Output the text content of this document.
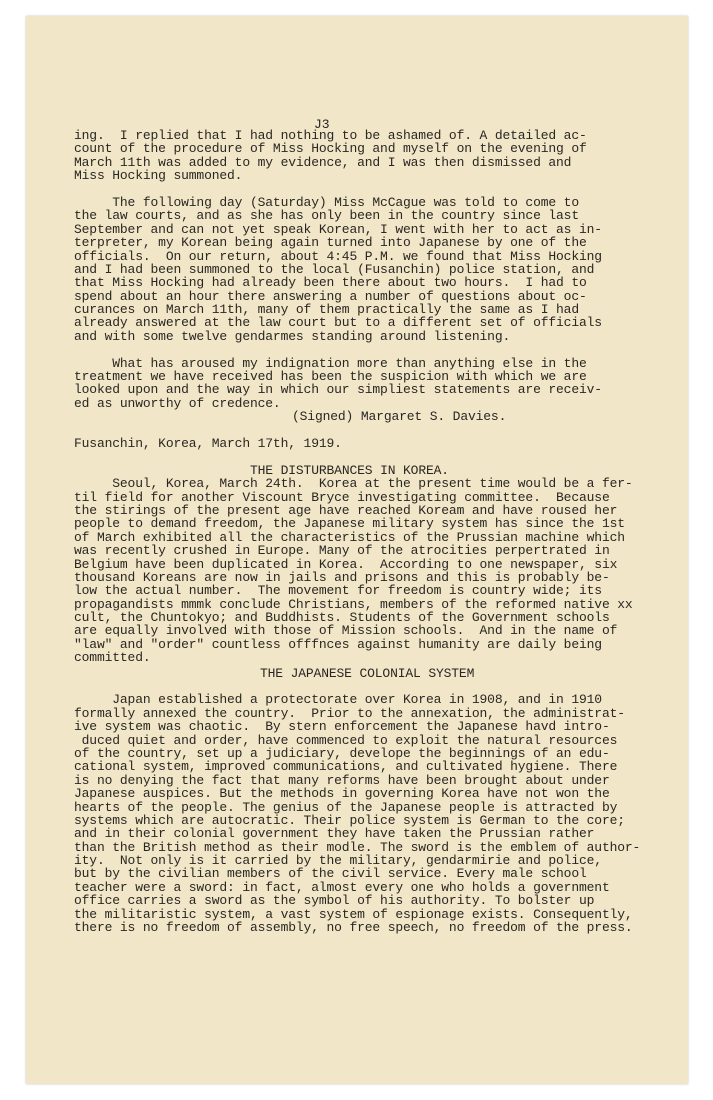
J3
ing.  I replied that I had nothing to be ashamed of. A detailed ac-
count of the procedure of Miss Hocking and myself on the evening of
March 11th was added to my evidence, and I was then dismissed and
Miss Hocking summoned.
The following day (Saturday) Miss McCague was told to come to
the law courts, and as she has only been in the country since last
September and can not yet speak Korean, I went with her to act as in-
terpreter, my Korean being again turned into Japanese by one of the
officials.  On our return, about 4:45 P.M. we found that Miss Hocking
and I had been summoned to the local (Fusanchin) police station, and
that Miss Hocking had already been there about two hours.  I had to
spend about an hour there answering a number of questions about oc-
curances on March 11th, many of them practically the same as I had
already answered at the law court but to a different set of officials
and with some twelve gendarmes standing around listening.
What has aroused my indignation more than anything else in the
treatment we have received has been the suspicion with which we are
looked upon and the way in which our simpliest statements are receiv-
ed as unworthy of credence.
(Signed) Margaret S. Davies.
Fusanchin, Korea, March 17th, 1919.
THE DISTURBANCES IN KOREA.
Seoul, Korea, March 24th.  Korea at the present time would be a fer-
til field for another Viscount Bryce investigating committee.  Because
the stirings of the present age have reached Koream and have roused her
people to demand freedom, the Japanese military system has since the 1st
of March exhibited all the characteristics of the Prussian machine which
was recently crushed in Europe. Many of the atrocities perpertrated in
Belgium have been duplicated in Korea.  According to one newspaper, six
thousand Koreans are now in jails and prisons and this is probably be-
low the actual number.  The movement for freedom is country wide; its
propagandists mmmk conclude Christians, members of the reformed native xx
cult, the Chuntokyo; and Buddhists. Students of the Government schools
are equally involved with those of Mission schools.  And in the name of
"law" and "order" countless offfnces against humanity are daily being
committed.
THE JAPANESE COLONIAL SYSTEM
Japan established a protectorate over Korea in 1908, and in 1910
formally annexed the country.  Prior to the annexation, the administrat-
ive system was chaotic.  By stern enforcement the Japanese havd intro-
duced quiet and order, have commenced to exploit the natural resources
of the country, set up a judiciary, develope the beginnings of an edu-
cational system, improved communications, and cultivated hygiene. There
is no denying the fact that many reforms have been brought about under
Japanese auspices. But the methods in governing Korea have not won the
hearts of the people. The genius of the Japanese people is attracted by
systems which are autocratic. Their police system is German to the core;
and in their colonial government they have taken the Prussian rather
than the British method as their modle. The sword is the emblem of author-
ity.  Not only is it carried by the military, gendarmirie and police,
but by the civilian members of the civil service. Every male school
teacher were a sword: in fact, almost every one who holds a government
office carries a sword as the symbol of his authority. To bolster up
the militaristic system, a vast system of espionage exists. Consequently,
there is no freedom of assembly, no free speech, no freedom of the press.
